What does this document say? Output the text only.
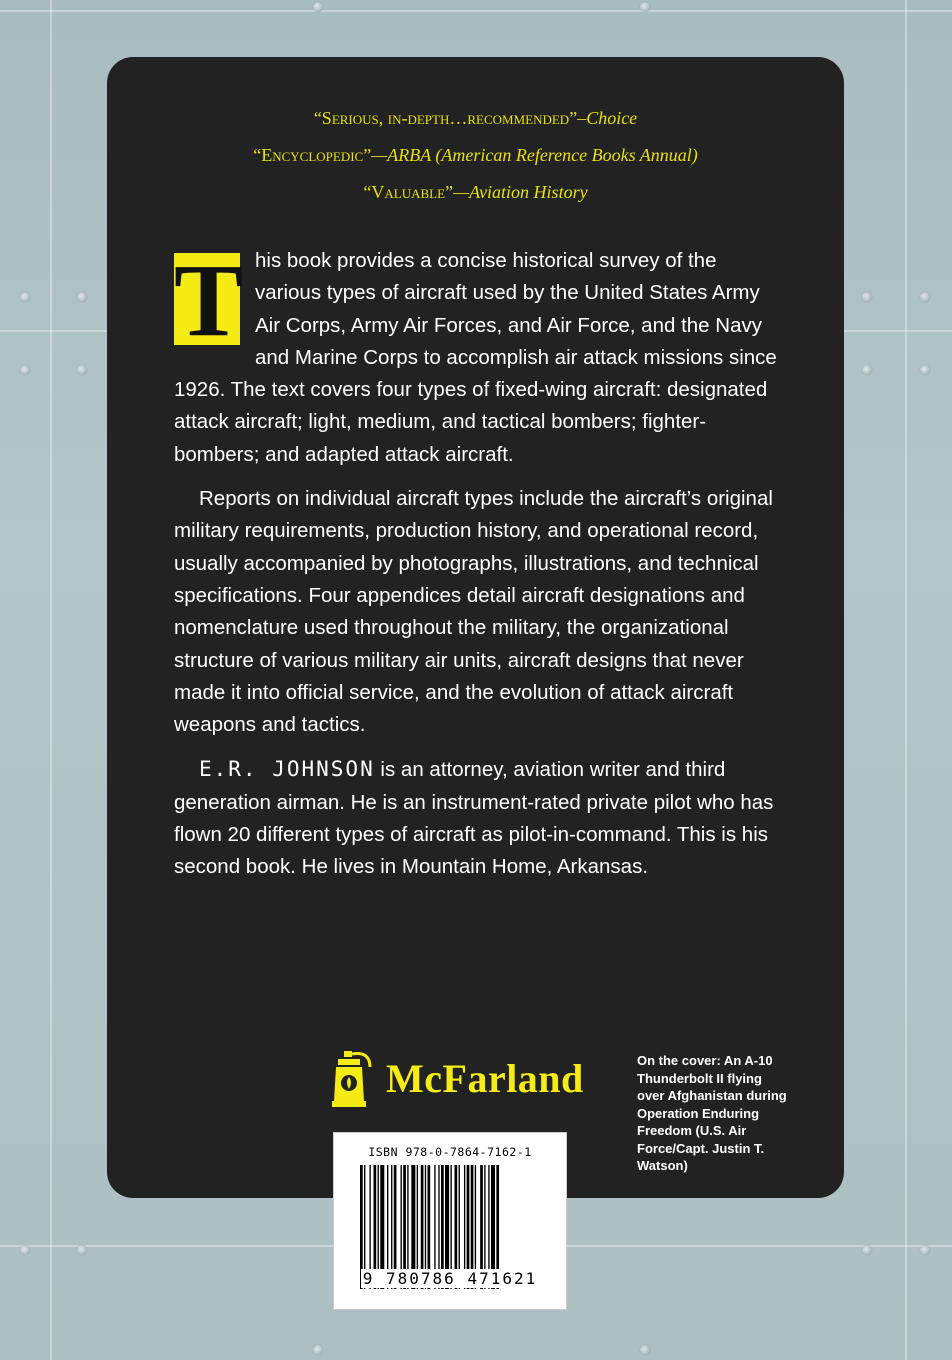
“Serious, in-depth…recommended”–Choice
“Encyclopedic”—ARBA (American Reference Books Annual)
“Valuable”—Aviation History

T his book provides a concise historical survey of the various types of aircraft used by the United States Army Air Corps, Army Air Forces, and Air Force, and the Navy and Marine Corps to accomplish air attack missions since 1926. The text covers four types of fixed-wing aircraft: designated attack aircraft; light, medium, and tactical bombers; fighter-bombers; and adapted attack aircraft.

Reports on individual aircraft types include the aircraft’s original military requirements, production history, and operational record, usually accompanied by photographs, illustrations, and technical specifications. Four appendices detail aircraft designations and nomenclature used throughout the military, the organizational structure of various military air units, aircraft designs that never made it into official service, and the evolution of attack aircraft weapons and tactics.

E.R. JOHNSON is an attorney, aviation writer and third generation airman. He is an instrument-rated private pilot who has flown 20 different types of aircraft as pilot-in-command. This is his second book. He lives in Mountain Home, Arkansas.

McFarland	On the cover: An A-10 Thunderbolt II flying over Afghanistan during Operation Enduring Freedom (U.S. Air Force/Capt. Justin T. Watson)
ISBN 978-0-7864-7162-1
9 780786 471621
